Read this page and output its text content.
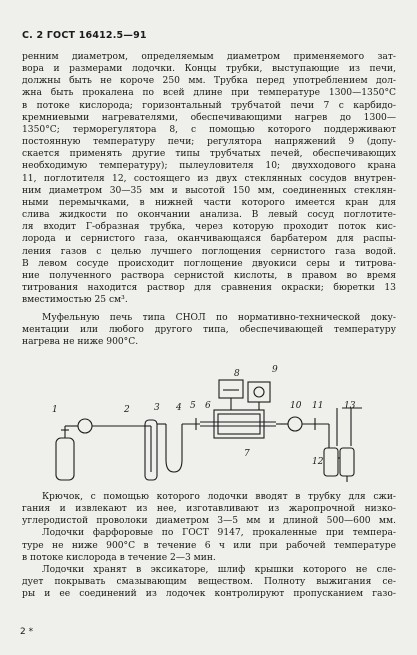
С. 2 ГОСТ 16412.5—91
ренним диаметром, определяемым диаметром применяемого зат-
вора и размерами лодочки. Концы трубки, выступающие из печи,
должны быть не короче 250 мм. Трубка перед употреблением дол-
жна быть прокалена по всей длине при температуре 1300—1350°С
в потоке кислорода; горизонтальный трубчатой печи 7 с карбидо-
кремниевыми нагревателями, обеспечивающими нагрев до 1300—
1350°С; терморегулятора 8, с помощью которого поддерживают
постоянную температуру печи; регулятора напряжений 9 (допу-
скается применять другие типы трубчатых печей, обеспечивающих
необходимую температуру); пылеуловителя 10; двухходового крана
11, поглотителя 12, состоящего из двух стеклянных сосудов внутрен-
ним диаметром 30—35 мм и высотой 150 мм, соединенных стеклян-
ными перемычками, в нижней части которого имеется кран для
слива жидкости по окончании анализа. В левый сосуд поглотите-
ля входит Г-образная трубка, через которую проходит поток кис-
лорода и сернистого газа, оканчивающаяся барбатером для распы-
ления газов с целью лучшего поглощения сернистого газа водой.
В левом сосуде происходит поглощение двуокиси серы и титрова-
ние полученного раствора сернистой кислоты, в правом во время
титрования находится раствор для сравнения окраски; бюретки 13
вместимостью 25 см³.
Муфельную печь типа СНОЛ по нормативно-технической доку-
ментации или любого другого типа, обеспечивающей температуру
нагрева не ниже 900°С.
1	2	3 4 5 6
7
8	9
10 11
12
13
Крючок, с помощью которого лодочки вводят в трубку для сжи-
гания и извлекают из нее, изготавливают из жаропрочной низко-
углеродистой проволоки диаметром 3—5 мм и длиной 500—600 мм.
Лодочки фарфоровые по ГОСТ 9147, прокаленные при темпера-
туре не ниже 900°С в течение 6 ч или при рабочей температуре
в потоке кислорода в течение 2—3 мин.
Лодочки хранят в эксикаторе, шлиф крышки которого не сле-
дует покрывать смазывающим веществом. Полноту выжигания се-
ры и ее соединений из лодочек контролируют пропусканием газо-
2 *
